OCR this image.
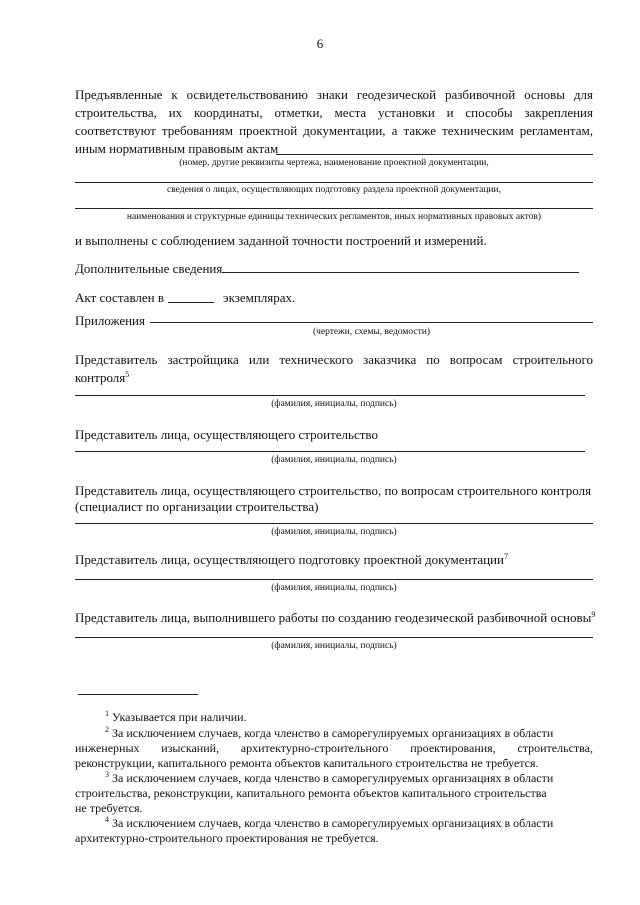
6
Предъявленные к освидетельствованию знаки геодезической разбивочной основы для
строительства, их координаты, отметки, места установки и способы закрепления
соответствуют требованиям проектной документации, а также техническим регламентам,
иным нормативным правовым актам
(номер, другие реквизиты чертежа, наименование проектной документации,
сведения о лицах, осуществляющих подготовку раздела проектной документации,
наименования и структурные единицы технических регламентов, иных нормативных правовых актов)
и выполнены с соблюдением заданной точности построений и измерений.
Дополнительные сведения
Акт составлен в	экземплярах.
Приложения
(чертежи, схемы, ведомости)
Представитель застройщика или технического заказчика по вопросам строительного
контроля$^5$
(фамилия, инициалы, подпись)
Представитель лица, осуществляющего строительство
(фамилия, инициалы, подпись)
Представитель лица, осуществляющего строительство, по вопросам строительного контроля
(специалист по организации строительства)
(фамилия, инициалы, подпись)
Представитель лица, осуществляющего подготовку проектной документации$^7$
(фамилия, инициалы, подпись)
Представитель лица, выполнившего работы по созданию геодезической разбивочной основы$^9$
(фамилия, инициалы, подпись)
$^1$ Указывается при наличии.
$^2$ За исключением случаев, когда членство в саморегулируемых организациях в области
инженерных изысканий, архитектурно-строительного проектирования, строительства,
реконструкции, капитального ремонта объектов капитального строительства не требуется.
$^3$ За исключением случаев, когда членство в саморегулируемых организациях в области
строительства, реконструкции, капитального ремонта объектов капитального строительства
не требуется.
$^4$ За исключением случаев, когда членство в саморегулируемых организациях в области
архитектурно-строительного проектирования не требуется.
